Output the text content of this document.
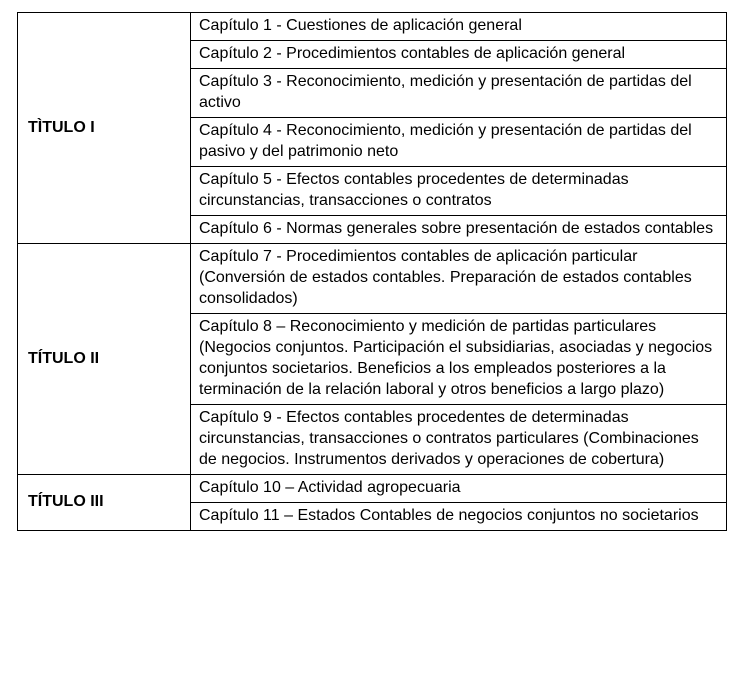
TÌTULO I	Capítulo 1 - Cuestiones de aplicación general
	Capítulo 2 - Procedimientos contables de aplicación general
	Capítulo 3 - Reconocimiento, medición y presentación de partidas del activo
	Capítulo 4 - Reconocimiento, medición y presentación de partidas del pasivo y del patrimonio neto
	Capítulo 5 - Efectos contables procedentes de determinadas circunstancias, transacciones o contratos
	Capítulo 6 - Normas generales sobre presentación de estados contables
TÍTULO II	Capítulo 7 - Procedimientos contables de aplicación particular (Conversión de estados contables. Preparación de estados contables consolidados)
	Capítulo 8 – Reconocimiento y medición de partidas particulares (Negocios conjuntos. Participación el subsidiarias, asociadas y negocios conjuntos societarios. Beneficios a los empleados posteriores a la terminación de la relación laboral y otros beneficios a largo plazo)
	Capítulo 9 - Efectos contables procedentes de determinadas circunstancias, transacciones o contratos particulares (Combinaciones de negocios. Instrumentos derivados y operaciones de cobertura)
TÍTULO III	Capítulo 10 – Actividad agropecuaria
	Capítulo 11 – Estados Contables de negocios conjuntos no societarios
